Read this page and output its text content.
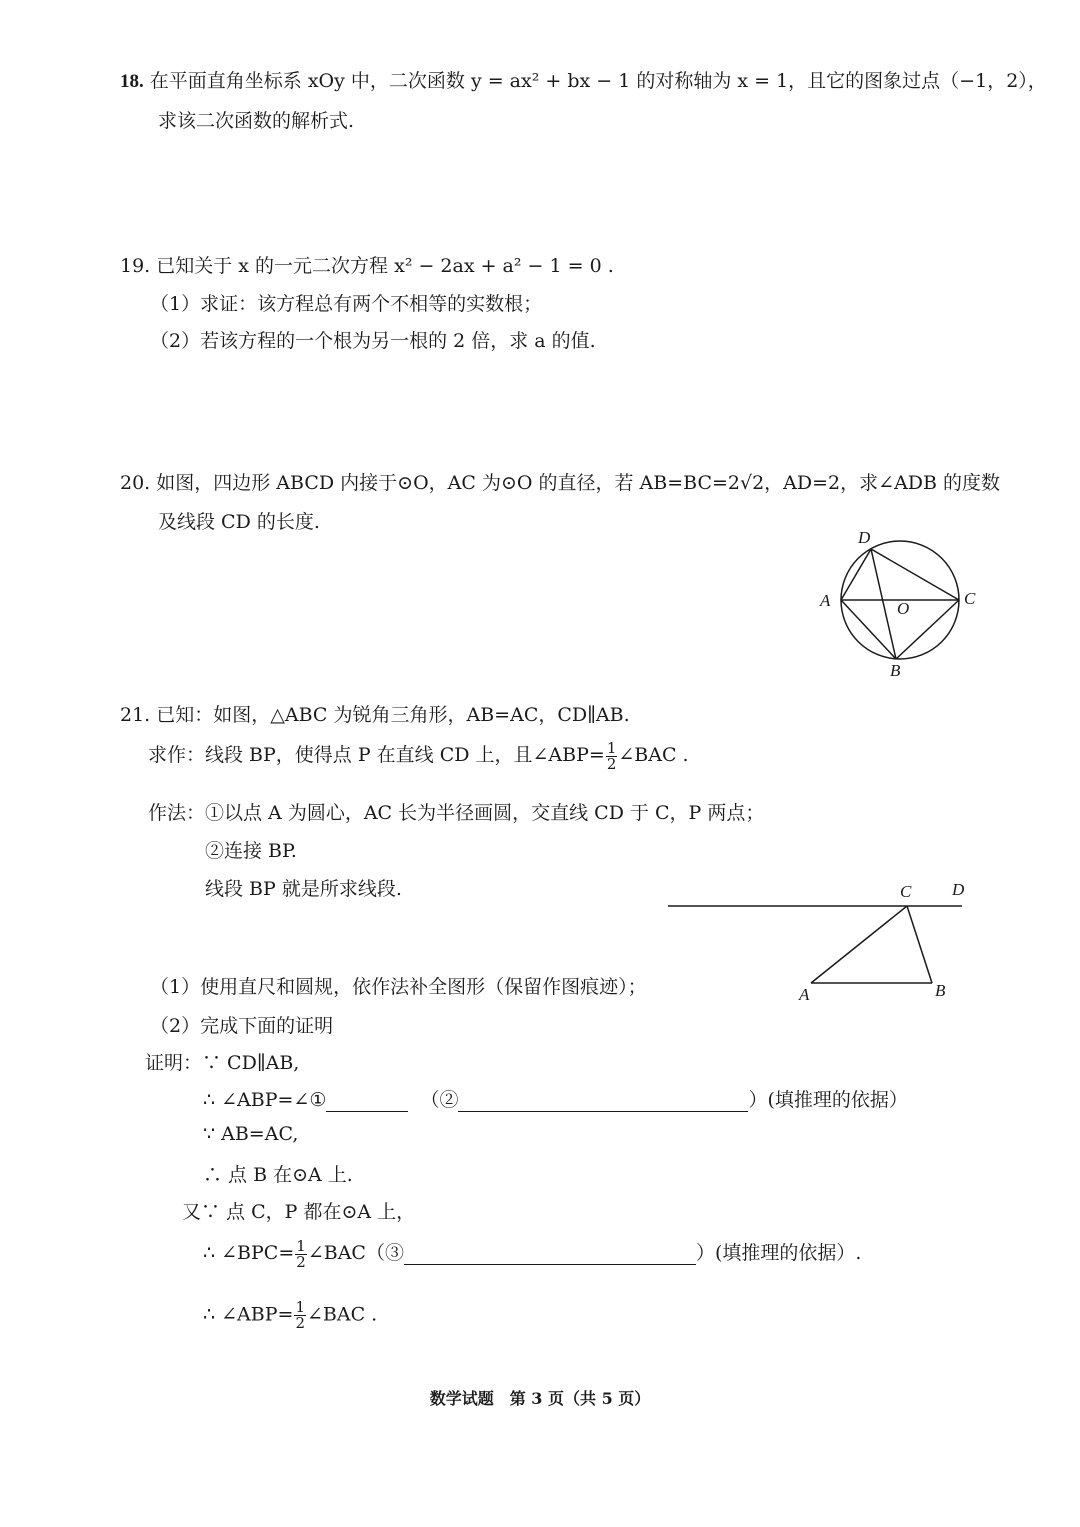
18. 在平面直角坐标系 xOy 中，二次函数 y = ax² + bx − 1 的对称轴为 x = 1，且它的图象过点（−1，2），
求该二次函数的解析式.
19. 已知关于 x 的一元二次方程 x² − 2ax + a² − 1 = 0 .
（1）求证：该方程总有两个不相等的实数根；
（2）若该方程的一个根为另一根的 2 倍，求 a 的值.
20. 如图，四边形 ABCD 内接于⊙O，AC 为⊙O 的直径，若 AB=BC=2√2，AD=2，求∠ADB 的度数
及线段 CD 的长度.
D
A	C
B
O
21. 已知：如图，△ABC 为锐角三角形，AB=AC，CD∥AB.
求作：线段 BP，使得点 P 在直线 CD 上，且∠ABP= $\frac{1}{2}$ ∠BAC .
作法：①以点 A 为圆心，AC 长为半径画圆，交直线 CD 于 C，P 两点；
②连接 BP.
线段 BP 就是所求线段.	C D
A	B
（1）使用直尺和圆规，依作法补全图形（保留作图痕迹）；
（2）完成下面的证明
证明：∵ CD∥AB,
∴ ∠ABP=∠①	（②	）(填推理的依据）
∵ AB=AC,
∴ 点 B 在⊙A 上.
又∵ 点 C，P 都在⊙A 上，
∴ ∠BPC= $\frac{1}{2}$ ∠BAC（③	）(填推理的依据）.
∴ ∠ABP= $\frac{1}{2}$ ∠BAC .
数学试题　第 3 页（共 5 页）
